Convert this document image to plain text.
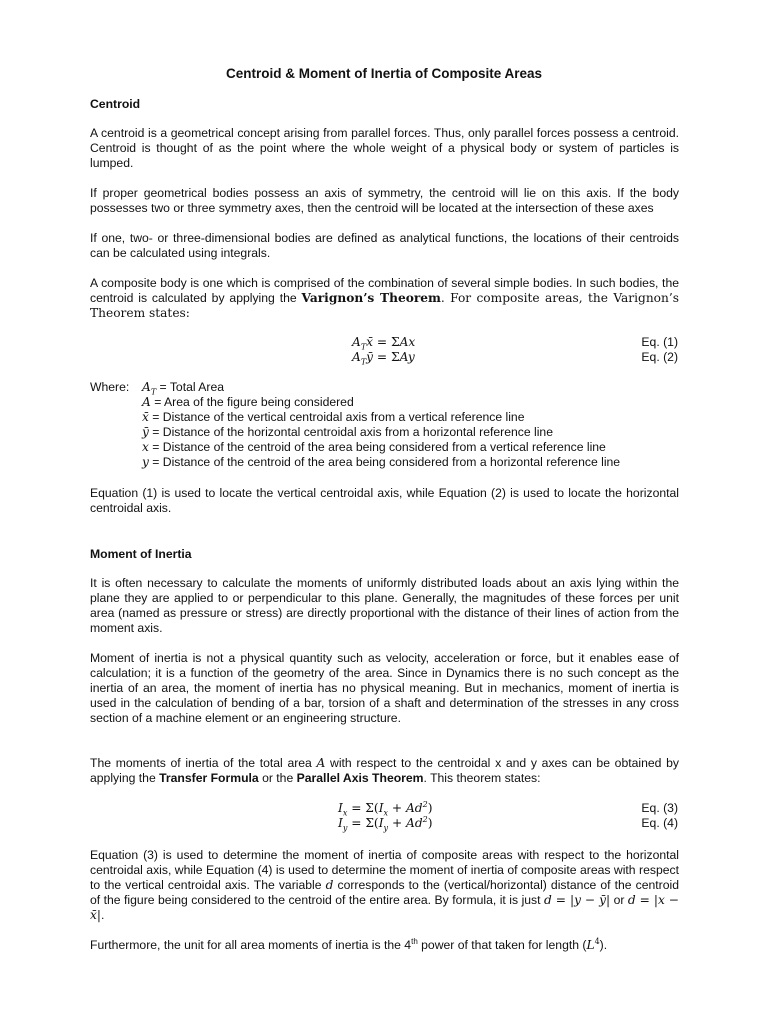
Centroid & Moment of Inertia of Composite Areas
Centroid

A centroid is a geometrical concept arising from parallel forces. Thus, only parallel forces possess a centroid. Centroid is thought of as the point where the whole weight of a physical body or system of particles is lumped.

If proper geometrical bodies possess an axis of symmetry, the centroid will lie on this axis. If the body possesses two or three symmetry axes, then the centroid will be located at the intersection of these axes

If one, two- or three-dimensional bodies are defined as analytical functions, the locations of their centroids can be calculated using integrals.

A composite body is one which is comprised of the combination of several simple bodies. In such bodies, the centroid is calculated by applying the Varignon’s Theorem. For composite areas, the Varignon’s Theorem states:

$A_Tx̄ = \Sigma Ax$	Eq. (1)
$A_Tȳ = \Sigma Ay$	Eq. (2)
Where: $A_T$ = Total Area
A = Area of the figure being considered
x̄ = Distance of the vertical centroidal axis from a vertical reference line
ȳ = Distance of the horizontal centroidal axis from a horizontal reference line
x = Distance of the centroid of the area being considered from a vertical reference line
y = Distance of the centroid of the area being considered from a horizontal reference line

Equation (1) is used to locate the vertical centroidal axis, while Equation (2) is used to locate the horizontal centroidal axis.

Moment of Inertia

It is often necessary to calculate the moments of uniformly distributed loads about an axis lying within the plane they are applied to or perpendicular to this plane. Generally, the magnitudes of these forces per unit area (named as pressure or stress) are directly proportional with the distance of their lines of action from the moment axis.

Moment of inertia is not a physical quantity such as velocity, acceleration or force, but it enables ease of calculation; it is a function of the geometry of the area. Since in Dynamics there is no such concept as the inertia of an area, the moment of inertia has no physical meaning. But in mechanics, moment of inertia is used in the calculation of bending of a bar, torsion of a shaft and determination of the stresses in any cross section of a machine element or an engineering structure.

The moments of inertia of the total area A with respect to the centroidal x and y axes can be obtained by applying the Transfer Formula or the Parallel Axis Theorem. This theorem states:

$I_x = \Sigma(I_x + Ad^2)$	Eq. (3)
$I_y = \Sigma(I_y + Ad^2)$	Eq. (4)

Equation (3) is used to determine the moment of inertia of composite areas with respect to the horizontal centroidal axis, while Equation (4) is used to determine the moment of inertia of composite areas with respect to the vertical centroidal axis. The variable d corresponds to the (vertical/horizontal) distance of the centroid of the figure being considered to the centroid of the entire area. By formula, it is just d = |y − ȳ| or d = |x − x̄|.

Furthermore, the unit for all area moments of inertia is the 4th power of that taken for length $(L^4)$.
